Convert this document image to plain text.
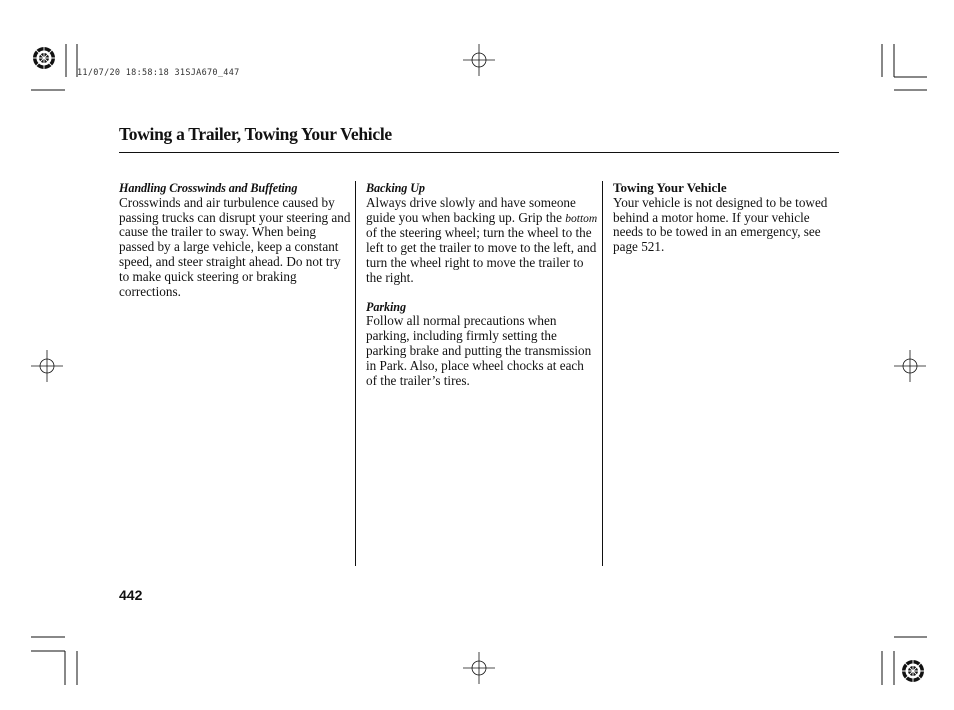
11/07/20 18:58:18 31SJA670_447
Towing a Trailer, Towing Your Vehicle
Handling Crosswinds and Buffeting

Crosswinds and air turbulence caused by passing trucks can disrupt your steering and cause the trailer to sway. When being passed by a large vehicle, keep a constant speed, and steer straight ahead. Do not try to make quick steering or braking corrections.

Backing Up

Always drive slowly and have someone guide you when backing up. Grip the bottom of the steering wheel; turn the wheel to the left to get the trailer to move to the left, and turn the wheel right to move the trailer to the right.

Parking

Follow all normal precautions when parking, including firmly setting the parking brake and putting the transmission in Park. Also, place wheel chocks at each of the trailer’s tires.

Towing Your Vehicle

Your vehicle is not designed to be towed behind a motor home. If your vehicle needs to be towed in an emergency, see page 521.

442
